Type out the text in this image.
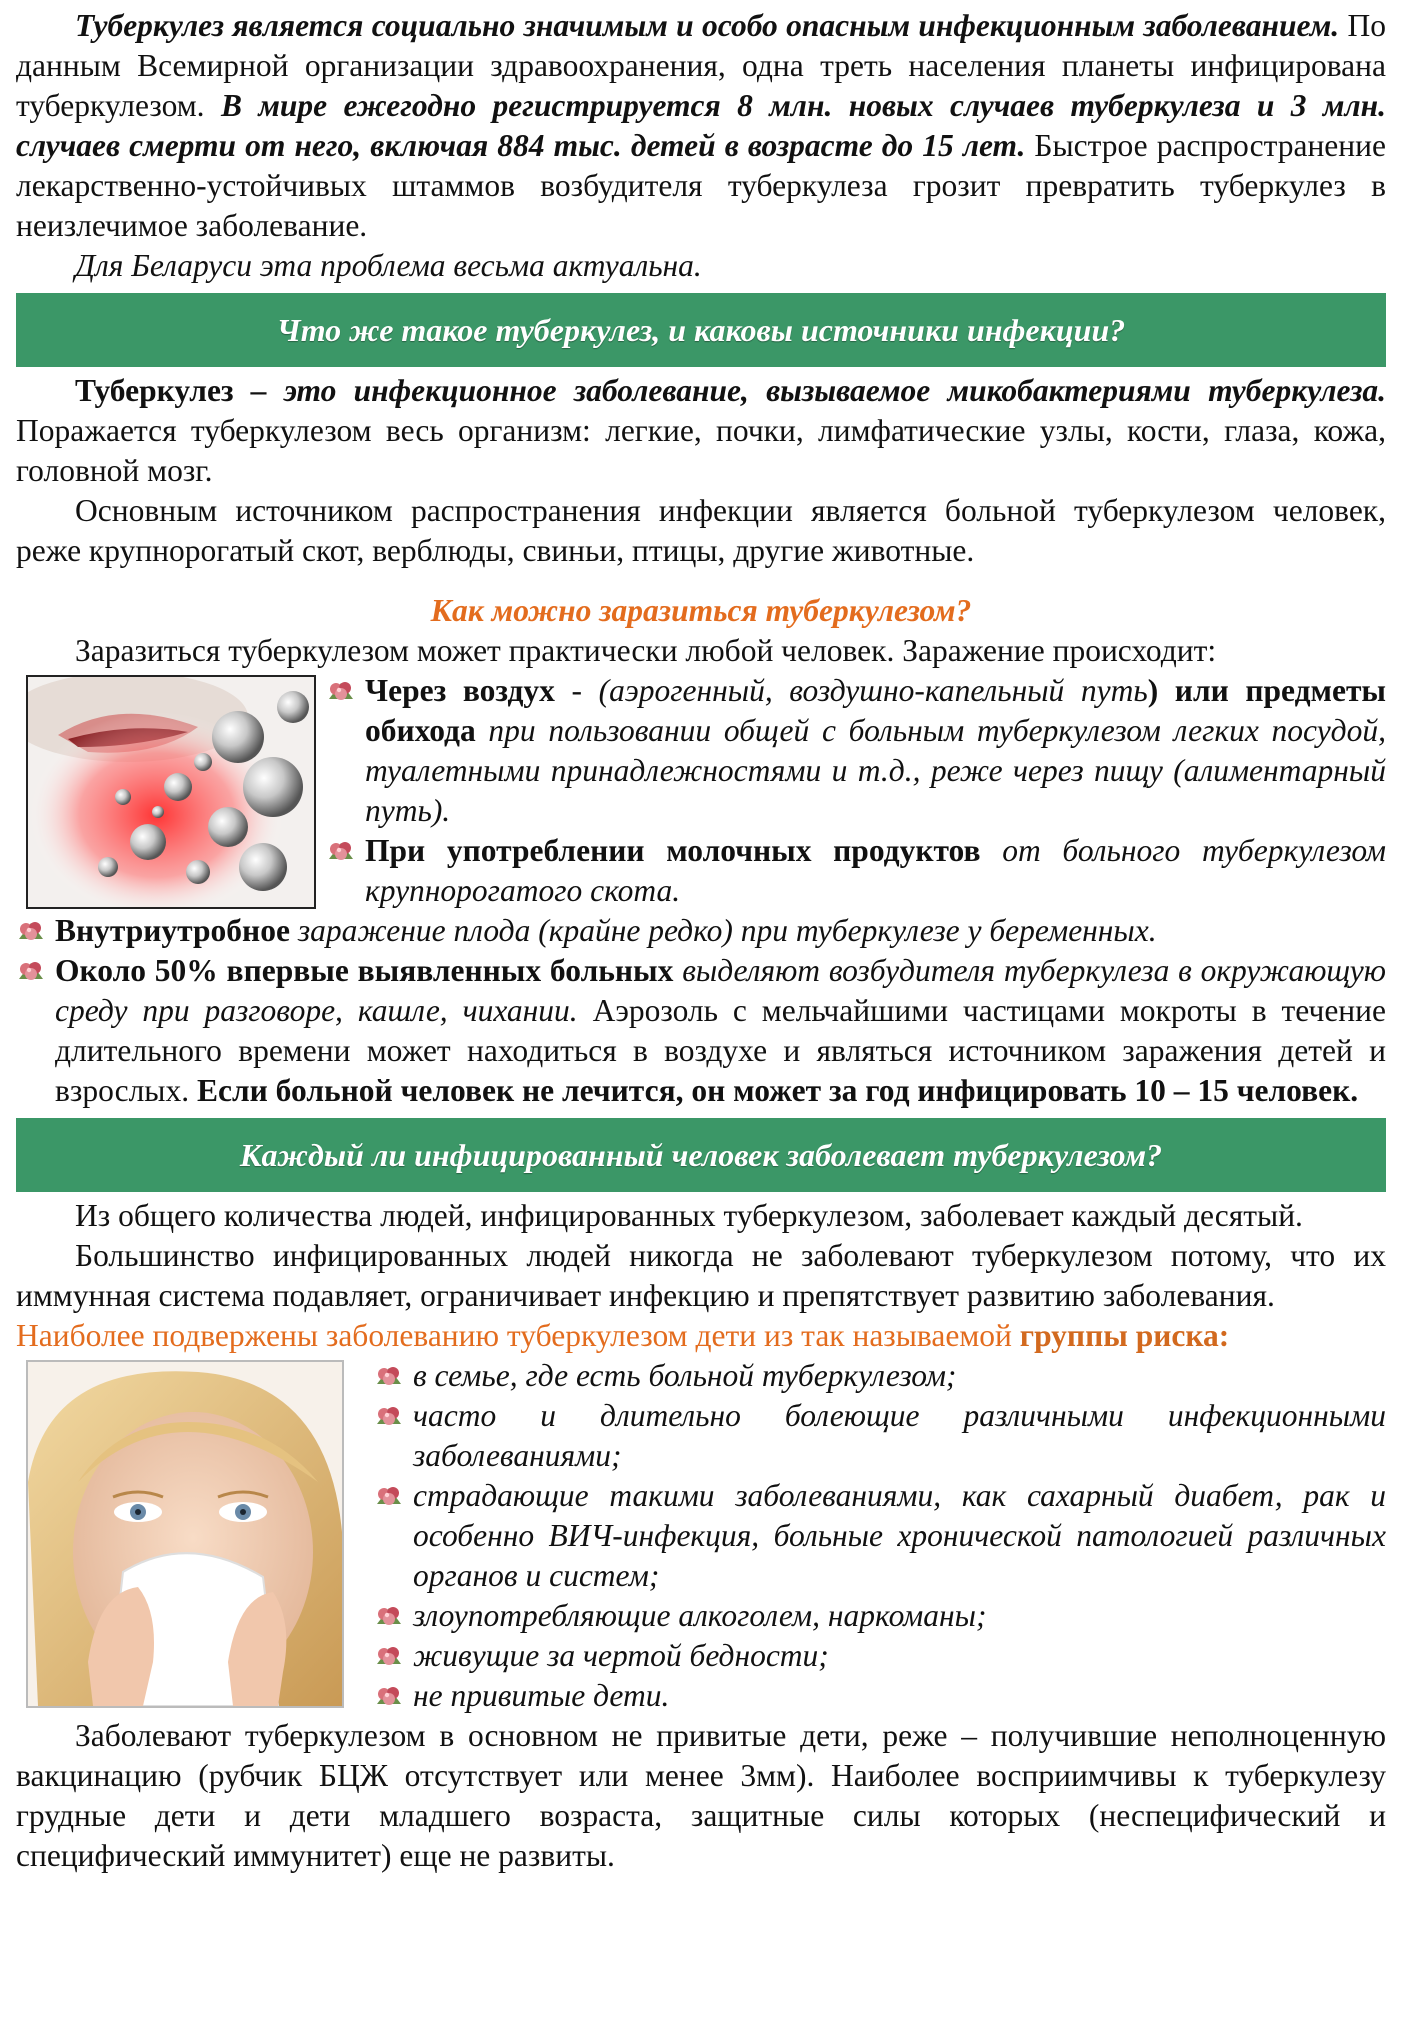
Туберкулез является социально значимым и особо опасным инфекционным заболеванием. По данным Всемирной организации здравоохранения, одна треть населения планеты инфицирована туберкулезом. В мире ежегодно регистрируется 8 млн. новых случаев туберкулеза и 3 млн. случаев смерти от него, включая 884 тыс. детей в возрасте до 15 лет. Быстрое распространение лекарственно-устойчивых штаммов возбудителя туберкулеза грозит превратить туберкулез в неизлечимое заболевание.

Для Беларуси эта проблема весьма актуальна.

Что же такое туберкулез, и каковы источники инфекции?

Туберкулез – это инфекционное заболевание, вызываемое микобактериями туберкулеза. Поражается туберкулезом весь организм: легкие, почки, лимфатические узлы, кости, глаза, кожа, головной мозг.

Основным источником распространения инфекции является больной туберкулезом человек, реже крупнорогатый скот, верблюды, свиньи, птицы, другие животные.

Как можно заразиться туберкулезом?

Заразиться туберкулезом может практически любой человек. Заражение происходит:

Через воздух - (аэрогенный, воздушно-капельный путь) или предметы обихода при пользовании общей с больным туберкулезом легких посудой, туалетными принадлежностями и т.д., реже через пищу (алиментарный путь).
При употреблении молочных продуктов от больного туберкулезом крупнорогатого скота.
Внутриутробное заражение плода (крайне редко) при туберкулезе у беременных.
Около 50% впервые выявленных больных выделяют возбудителя туберкулеза в окружающую среду при разговоре, кашле, чихании. Аэрозоль с мельчайшими частицами мокроты в течение длительного времени может находиться в воздухе и являться источником заражения детей и взрослых. Если больной человек не лечится, он может за год инфицировать 10 – 15 человек.
Каждый ли инфицированный человек заболевает туберкулезом?

Из общего количества людей, инфицированных туберкулезом, заболевает каждый десятый.

Большинство инфицированных людей никогда не заболевают туберкулезом потому, что их иммунная система подавляет, ограничивает инфекцию и препятствует развитию заболевания.

Наиболее подвержены заболеванию туберкулезом дети из так называемой группы риска:

в семье, где есть больной туберкулезом;
часто и длительно болеющие различными инфекционными заболеваниями;
страдающие такими заболеваниями, как сахарный диабет, рак и особенно ВИЧ-инфекция, больные хронической патологией различных органов и систем;
злоупотребляющие алкоголем, наркоманы;
живущие за чертой бедности;
не привитые дети.

Заболевают туберкулезом в основном не привитые дети, реже – получившие неполноценную вакцинацию (рубчик БЦЖ отсутствует или менее 3мм). Наиболее восприимчивы к туберкулезу грудные дети и дети младшего возраста, защитные силы которых (неспецифический и специфический иммунитет) еще не развиты.
